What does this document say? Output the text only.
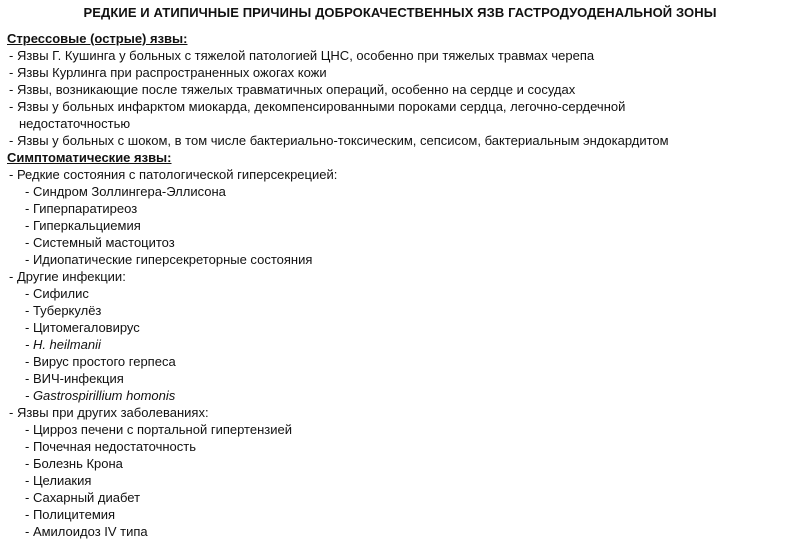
РЕДКИЕ И АТИПИЧНЫЕ ПРИЧИНЫ ДОБРОКАЧЕСТВЕННЫХ ЯЗВ ГАСТРОДУОДЕНАЛЬНОЙ ЗОНЫ
Стрессовые (острые) язвы:
- Язвы Г. Кушинга у больных с тяжелой патологией ЦНС, особенно при тяжелых травмах черепа
- Язвы Курлинга при распространенных ожогах кожи
- Язвы, возникающие после тяжелых травматичных операций, особенно на сердце и сосудах
- Язвы у больных инфарктом миокарда, декомпенсированными пороками сердца, легочно-сердечной
недостаточностью
- Язвы у больных с шоком, в том числе бактериально-токсическим, сепсисом, бактериальным эндокардитом
Симптоматические язвы:
- Редкие состояния с патологической гиперсекрецией:
- Синдром Золлингера-Эллисона
- Гиперпаратиреоз
- Гиперкальциемия
- Системный мастоцитоз
- Идиопатические гиперсекреторные состояния
- Другие инфекции:
- Сифилис
- Туберкулёз
- Цитомегаловирус
- H. heilmanii
- Вирус простого герпеса
- ВИЧ-инфекция
- Gastrospirillium homonis
- Язвы при других заболеваниях:
- Цирроз печени с портальной гипертензией
- Почечная недостаточность
- Болезнь Крона
- Целиакия
- Сахарный диабет
- Полицитемия
- Амилоидоз IV типа
